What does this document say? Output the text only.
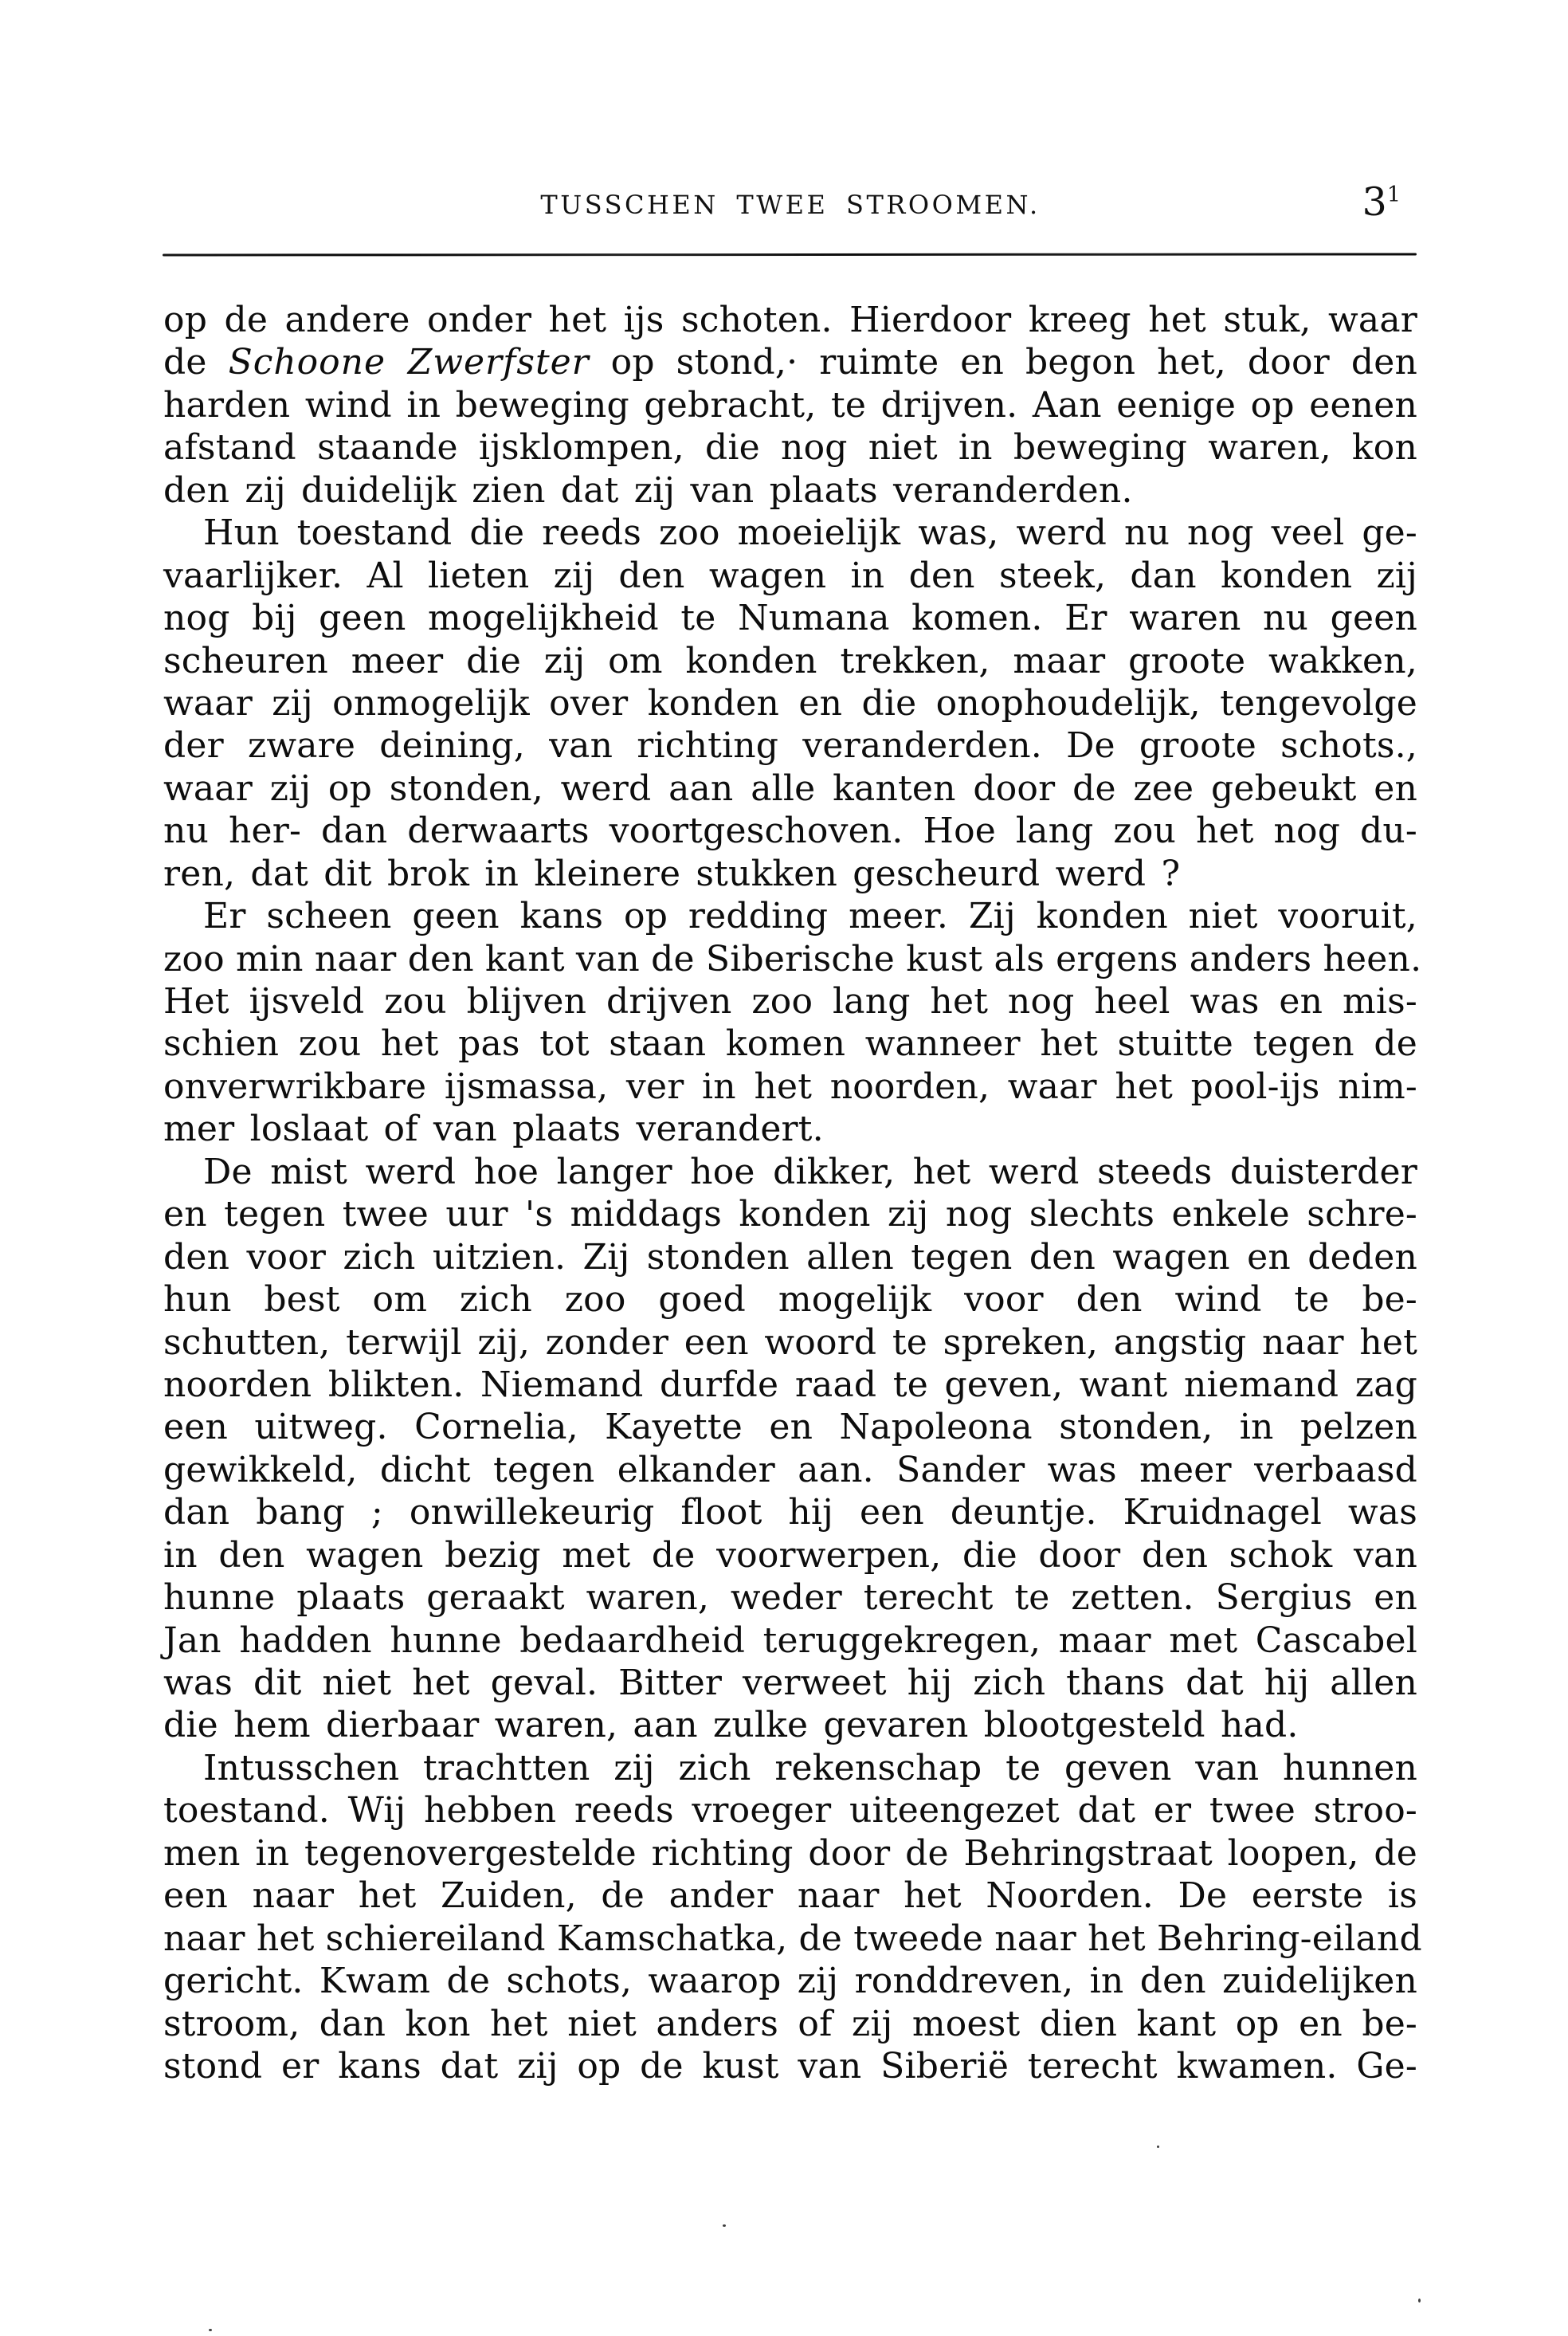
TUSSCHEN TWEE STROOMEN.	31
op de andere onder het ijs schoten. Hierdoor kreeg het stuk, waar
de Schoone Zwerfster op stond,· ruimte en begon het, door den
harden wind in beweging gebracht, te drijven. Aan eenige op eenen
afstand staande ijsklompen, die nog niet in beweging waren, kon
den zij duidelijk zien dat zij van plaats veranderden.
Hun toestand die reeds zoo moeielijk was, werd nu nog veel ge-
vaarlijker. Al lieten zij den wagen in den steek, dan konden zij
nog bij geen mogelijkheid te Numana komen. Er waren nu geen
scheuren meer die zij om konden trekken, maar groote wakken,
waar zij onmogelijk over konden en die onophoudelijk, tengevolge
der zware deining, van richting veranderden. De groote schots.,
waar zij op stonden, werd aan alle kanten door de zee gebeukt en
nu her- dan derwaarts voortgeschoven. Hoe lang zou het nog du-
ren, dat dit brok in kleinere stukken gescheurd werd ?
Er scheen geen kans op redding meer. Zij konden niet vooruit,
zoo min naar den kant van de Siberische kust als ergens anders heen.
Het ijsveld zou blijven drijven zoo lang het nog heel was en mis-
schien zou het pas tot staan komen wanneer het stuitte tegen de
onverwrikbare ijsmassa, ver in het noorden, waar het pool-ijs nim-
mer loslaat of van plaats verandert.
De mist werd hoe langer hoe dikker, het werd steeds duisterder
en tegen twee uur 's middags konden zij nog slechts enkele schre-
den voor zich uitzien. Zij stonden allen tegen den wagen en deden
hun best om zich zoo goed mogelijk voor den wind te be-
schutten, terwijl zij, zonder een woord te spreken, angstig naar het
noorden blikten. Niemand durfde raad te geven, want niemand zag
een uitweg. Cornelia, Kayette en Napoleona stonden, in pelzen
gewikkeld, dicht tegen elkander aan. Sander was meer verbaasd
dan bang ; onwillekeurig floot hij een deuntje. Kruidnagel was
in den wagen bezig met de voorwerpen, die door den schok van
hunne plaats geraakt waren, weder terecht te zetten. Sergius en
Jan hadden hunne bedaardheid teruggekregen, maar met Cascabel
was dit niet het geval. Bitter verweet hij zich thans dat hij allen
die hem dierbaar waren, aan zulke gevaren blootgesteld had.
Intusschen trachtten zij zich rekenschap te geven van hunnen
toestand. Wij hebben reeds vroeger uiteengezet dat er twee stroo-
men in tegenovergestelde richting door de Behringstraat loopen, de
een naar het Zuiden, de ander naar het Noorden. De eerste is
naar het schiereiland Kamschatka, de tweede naar het Behring-eiland
gericht. Kwam de schots, waarop zij ronddreven, in den zuidelijken
stroom, dan kon het niet anders of zij moest dien kant op en be-
stond er kans dat zij op de kust van Siberië terecht kwamen. Ge-
